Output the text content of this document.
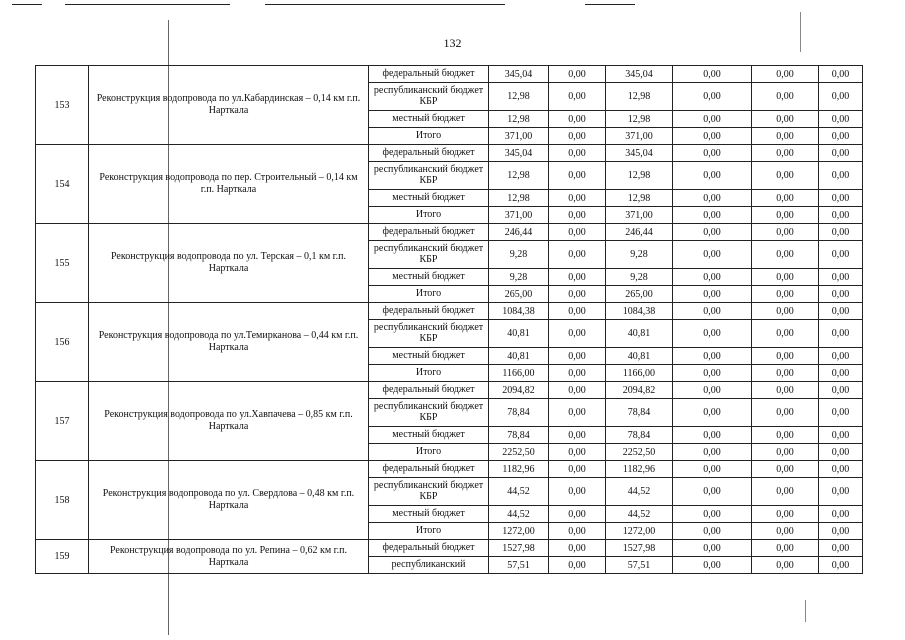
132
153	Реконструкция водопровода по ул.Кабардинская – 0,14 км г.п. Нарткала	федеральный бюджет	345,04	0,00	345,04	0,00	0,00	0,00
		республиканский бюджет КБР	12,98	0,00	12,98	0,00	0,00	0,00
		местный бюджет	12,98	0,00	12,98	0,00	0,00	0,00
		Итого	371,00	0,00	371,00	0,00	0,00	0,00
154	Реконструкция водопровода по пер. Строительный – 0,14 км г.п. Нарткала	федеральный бюджет	345,04	0,00	345,04	0,00	0,00	0,00
		республиканский бюджет КБР	12,98	0,00	12,98	0,00	0,00	0,00
		местный бюджет	12,98	0,00	12,98	0,00	0,00	0,00
		Итого	371,00	0,00	371,00	0,00	0,00	0,00
155	Реконструкция водопровода по ул. Терская – 0,1 км г.п. Нарткала	федеральный бюджет	246,44	0,00	246,44	0,00	0,00	0,00
		республиканский бюджет КБР	9,28	0,00	9,28	0,00	0,00	0,00
		местный бюджет	9,28	0,00	9,28	0,00	0,00	0,00
		Итого	265,00	0,00	265,00	0,00	0,00	0,00
156	Реконструкция водопровода по ул.Темирканова – 0,44 км г.п. Нарткала	федеральный бюджет	1084,38	0,00	1084,38	0,00	0,00	0,00
		республиканский бюджет КБР	40,81	0,00	40,81	0,00	0,00	0,00
		местный бюджет	40,81	0,00	40,81	0,00	0,00	0,00
		Итого	1166,00	0,00	1166,00	0,00	0,00	0,00
157	Реконструкция водопровода по ул.Хавпачева – 0,85 км г.п. Нарткала	федеральный бюджет	2094,82	0,00	2094,82	0,00	0,00	0,00
		республиканский бюджет КБР	78,84	0,00	78,84	0,00	0,00	0,00
		местный бюджет	78,84	0,00	78,84	0,00	0,00	0,00
		Итого	2252,50	0,00	2252,50	0,00	0,00	0,00
158	Реконструкция водопровода по ул. Свердлова – 0,48 км г.п. Нарткала	федеральный бюджет	1182,96	0,00	1182,96	0,00	0,00	0,00
		республиканский бюджет КБР	44,52	0,00	44,52	0,00	0,00	0,00
		местный бюджет	44,52	0,00	44,52	0,00	0,00	0,00
		Итого	1272,00	0,00	1272,00	0,00	0,00	0,00
159	Реконструкция водопровода по ул. Репина – 0,62 км г.п. Нарткала	федеральный бюджет	1527,98	0,00	1527,98	0,00	0,00	0,00
		республиканский	57,51	0,00	57,51	0,00	0,00	0,00
